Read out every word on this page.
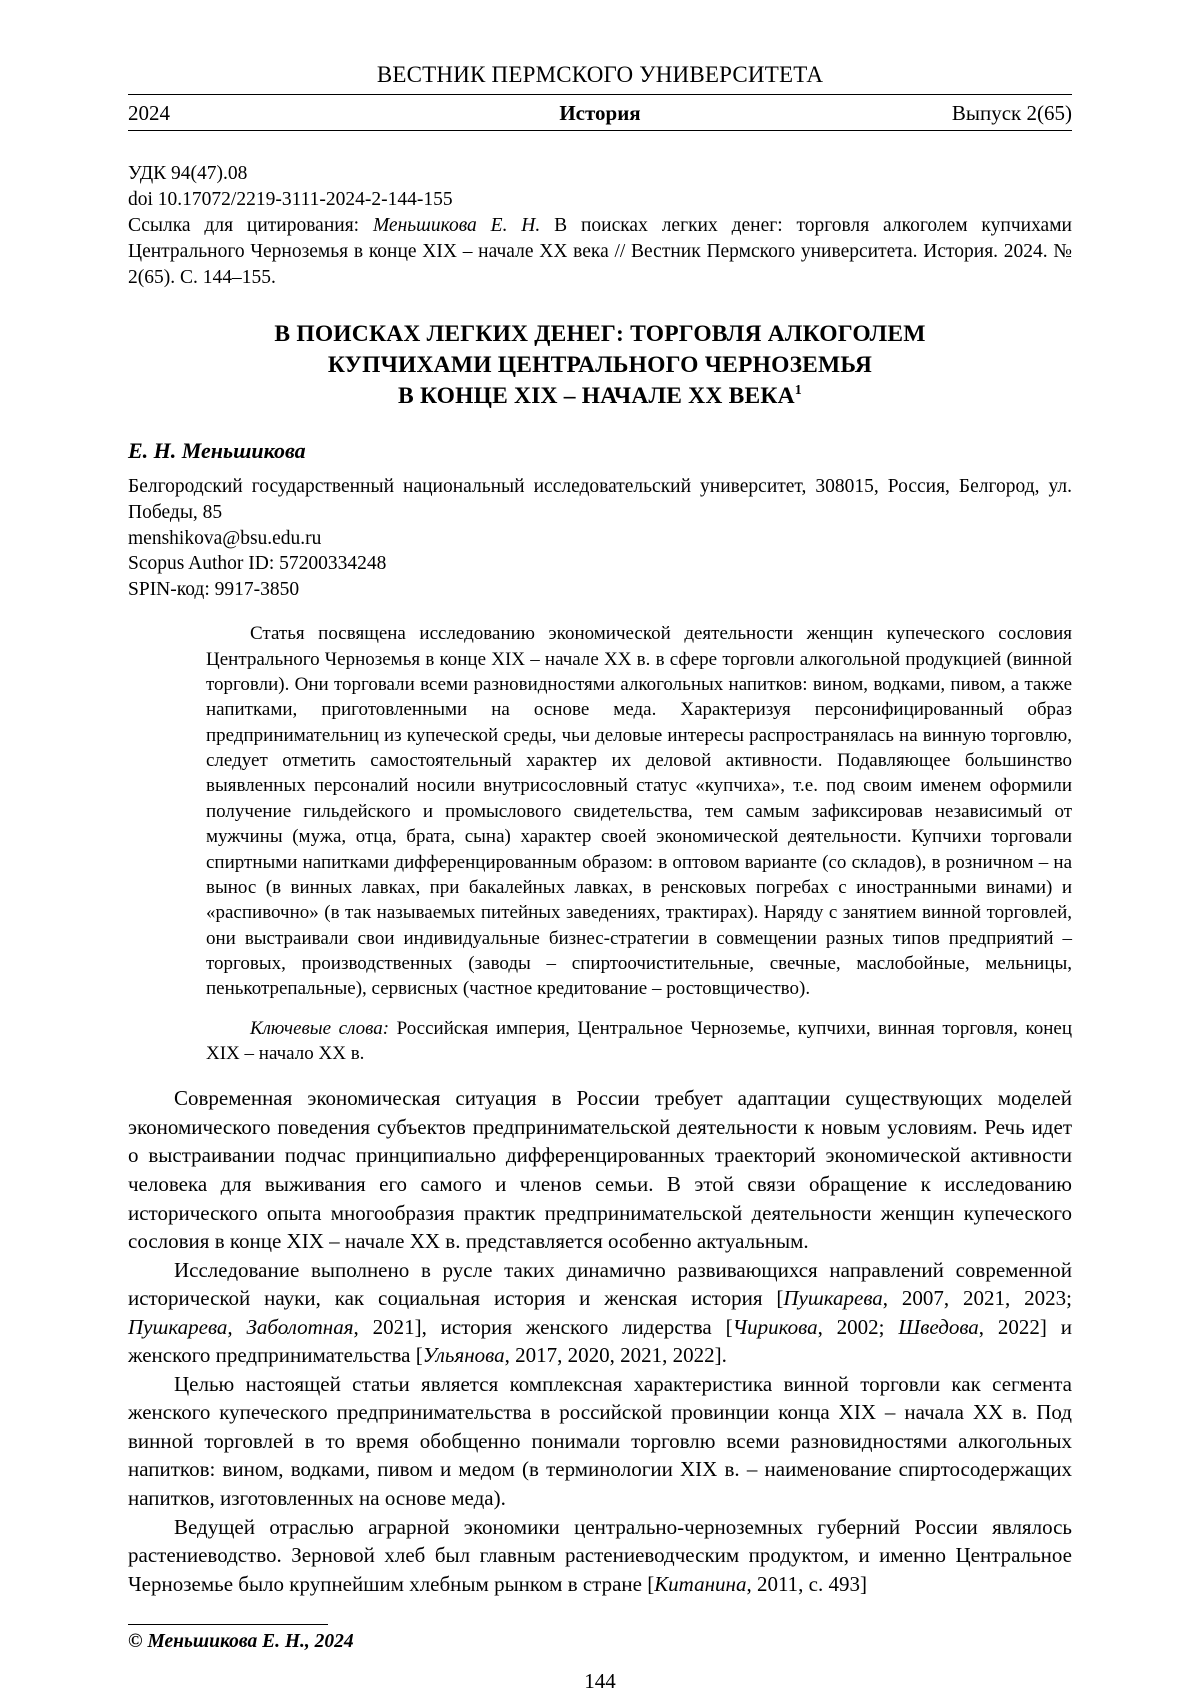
ВЕСТНИК ПЕРМСКОГО УНИВЕРСИТЕТА
2024	История	Выпуск 2(65)
УДК 94(47).08
doi 10.17072/2219-3111-2024-2-144-155
Ссылка для цитирования: Меньшикова Е. Н. В поисках легких денег: торговля алкоголем купчихами Центрального Черноземья в конце XIX – начале XX века // Вестник Пермского университета. История. 2024. № 2(65). С. 144–155.
В ПОИСКАХ ЛЕГКИХ ДЕНЕГ: ТОРГОВЛЯ АЛКОГОЛЕМ
КУПЧИХАМИ ЦЕНТРАЛЬНОГО ЧЕРНОЗЕМЬЯ
В КОНЦЕ XIX – НАЧАЛЕ XX ВЕКА$^1$
Е. Н. Меньшикова
Белгородский государственный национальный исследовательский университет, 308015, Россия, Белгород, ул. Победы, 85
menshikova@bsu.edu.ru
Scopus Author ID: 57200334248
SPIN-код: 9917-3850
Статья посвящена исследованию экономической деятельности женщин купеческого сословия Центрального Черноземья в конце XIX – начале XX в. в сфере торговли алкогольной продукцией (винной торговли). Они торговали всеми разновидностями алкогольных напитков: вином, водками, пивом, а также напитками, приготовленными на основе меда. Характеризуя персонифицированный образ предпринимательниц из купеческой среды, чьи деловые интересы распространялась на винную торговлю, следует отметить самостоятельный характер их деловой активности. Подавляющее большинство выявленных персоналий носили внутрисословный статус «купчиха», т.е. под своим именем оформили получение гильдейского и промыслового свидетельства, тем самым зафиксировав независимый от мужчины (мужа, отца, брата, сына) характер своей экономической деятельности. Купчихи торговали спиртными напитками дифференцированным образом: в оптовом варианте (со складов), в розничном – на вынос (в винных лавках, при бакалейных лавках, в ренсковых погребах с иностранными винами) и «распивочно» (в так называемых питейных заведениях, трактирах). Наряду с занятием винной торговлей, они выстраивали свои индивидуальные бизнес-стратегии в совмещении разных типов предприятий – торговых, производственных (заводы – спиртоочистительные, свечные, маслобойные, мельницы, пенькотрепальные), сервисных (частное кредитование – ростовщичество).
Ключевые слова: Российская империя, Центральное Черноземье, купчихи, винная торговля, конец XIX – начало XX в.

Современная экономическая ситуация в России требует адаптации существующих моделей экономического поведения субъектов предпринимательской деятельности к новым условиям. Речь идет о выстраивании подчас принципиально дифференцированных траекторий экономической активности человека для выживания его самого и членов семьи. В этой связи обращение к исследованию исторического опыта многообразия практик предпринимательской деятельности женщин купеческого сословия в конце XIX – начале XX в. представляется особенно актуальным.

Исследование выполнено в русле таких динамично развивающихся направлений современной исторической науки, как социальная история и женская история [Пушкарева, 2007, 2021, 2023; Пушкарева, Заболотная, 2021], история женского лидерства [Чирикова, 2002; Шведова, 2022] и женского предпринимательства [Ульянова, 2017, 2020, 2021, 2022].

Целью настоящей статьи является комплексная характеристика винной торговли как сегмента женского купеческого предпринимательства в российской провинции конца XIX – начала XX в. Под винной торговлей в то время обобщенно понимали торговлю всеми разновидностями алкогольных напитков: вином, водками, пивом и медом (в терминологии XIX в. – наименование спиртосодержащих напитков, изготовленных на основе меда).

Ведущей отраслью аграрной экономики центрально-черноземных губерний России являлось растениеводство. Зерновой хлеб был главным растениеводческим продуктом, и именно Центральное Черноземье было крупнейшим хлебным рынком в стране [Китанина, 2011, с. 493]

© Меньшикова Е. Н., 2024
144
